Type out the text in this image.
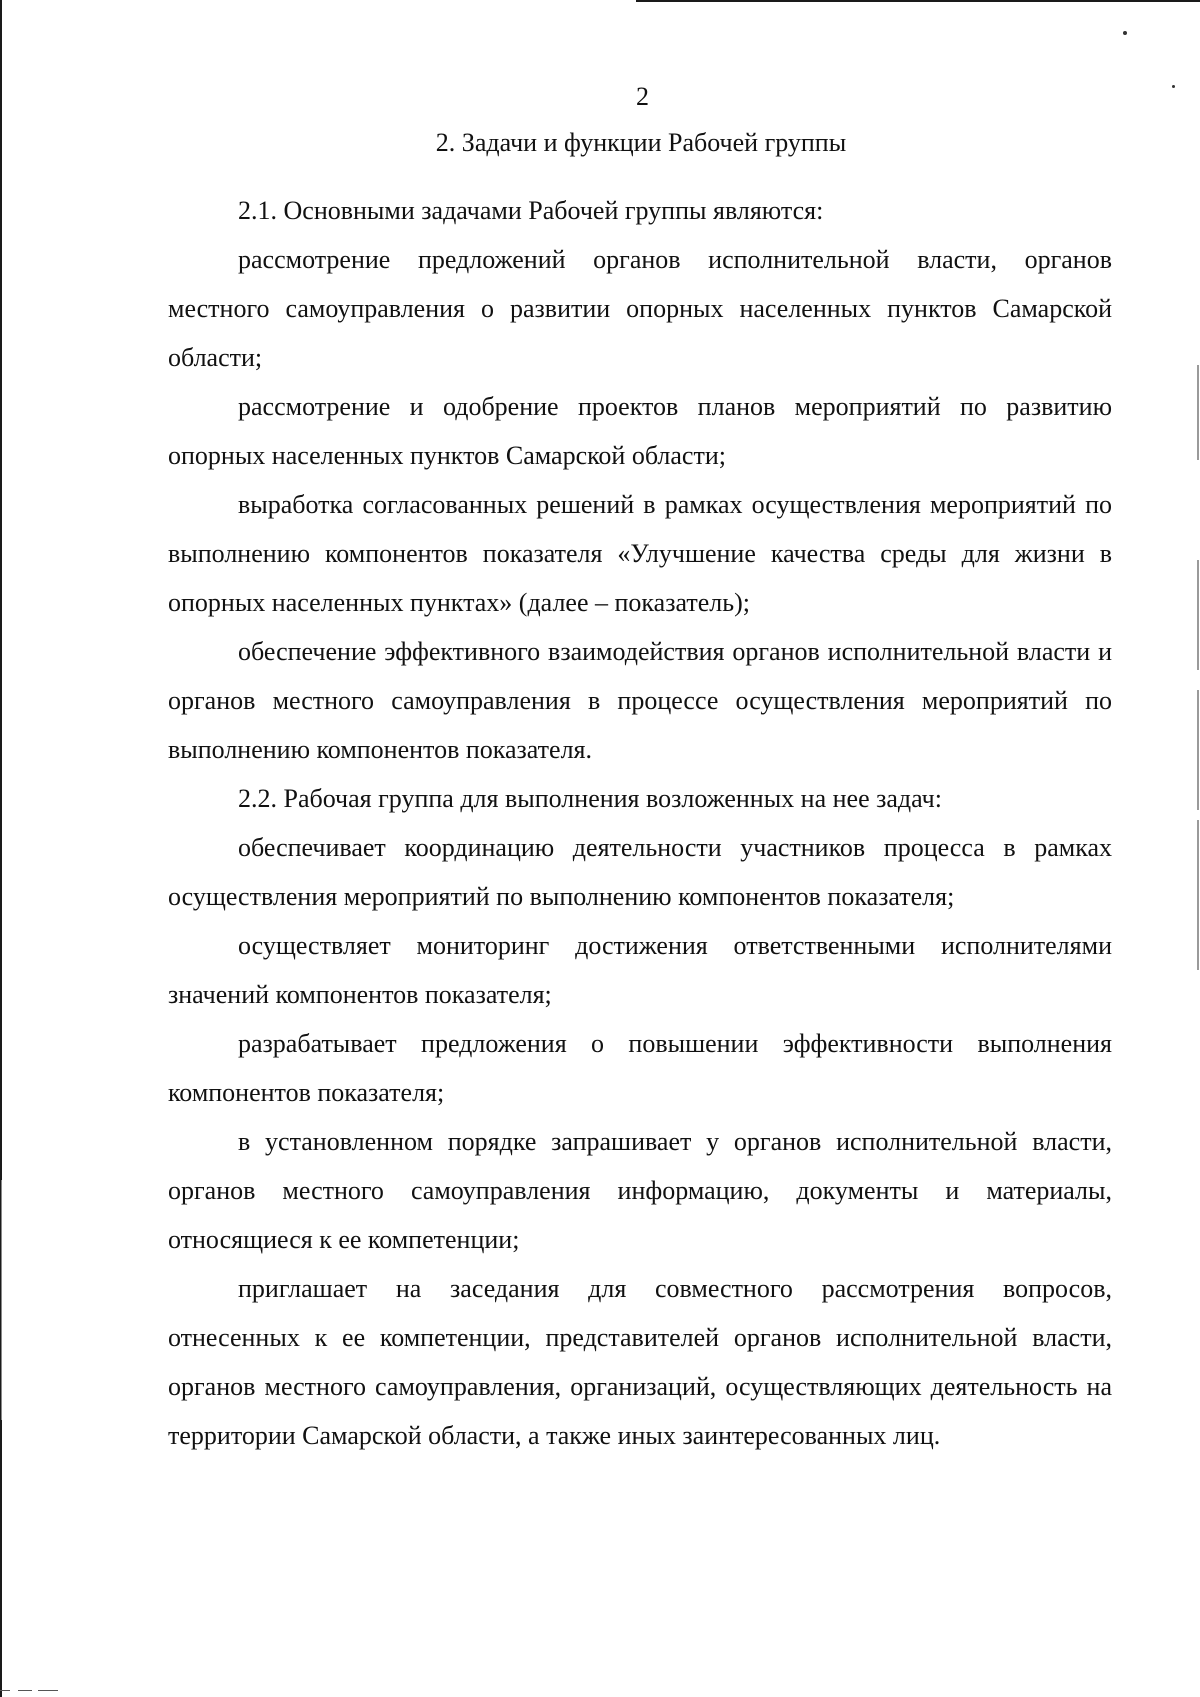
2
2. Задачи и функции Рабочей группы

2.1. Основными задачами Рабочей группы являются:

рассмотрение предложений органов исполнительной власти, органов местного самоуправления о развитии опорных населенных пунктов Самарской области;

рассмотрение и одобрение проектов планов мероприятий по развитию опорных населенных пунктов Самарской области;

выработка согласованных решений в рамках осуществления мероприятий по выполнению компонентов показателя «Улучшение качества среды для жизни в опорных населенных пунктах» (далее – показатель);

обеспечение эффективного взаимодействия органов исполнительной власти и органов местного самоуправления в процессе осуществления мероприятий по выполнению компонентов показателя.

2.2. Рабочая группа для выполнения возложенных на нее задач:

обеспечивает координацию деятельности участников процесса в рамках осуществления мероприятий по выполнению компонентов показателя;

осуществляет мониторинг достижения ответственными исполнителями значений компонентов показателя;

разрабатывает предложения о повышении эффективности выполнения компонентов показателя;

в установленном порядке запрашивает у органов исполнительной власти, органов местного самоуправления информацию, документы и материалы, относящиеся к ее компетенции;

приглашает на заседания для совместного рассмотрения вопросов, отнесенных к ее компетенции, представителей органов исполнительной власти, органов местного самоуправления, организаций, осуществляющих деятельность на территории Самарской области, а также иных заинтересованных лиц.
